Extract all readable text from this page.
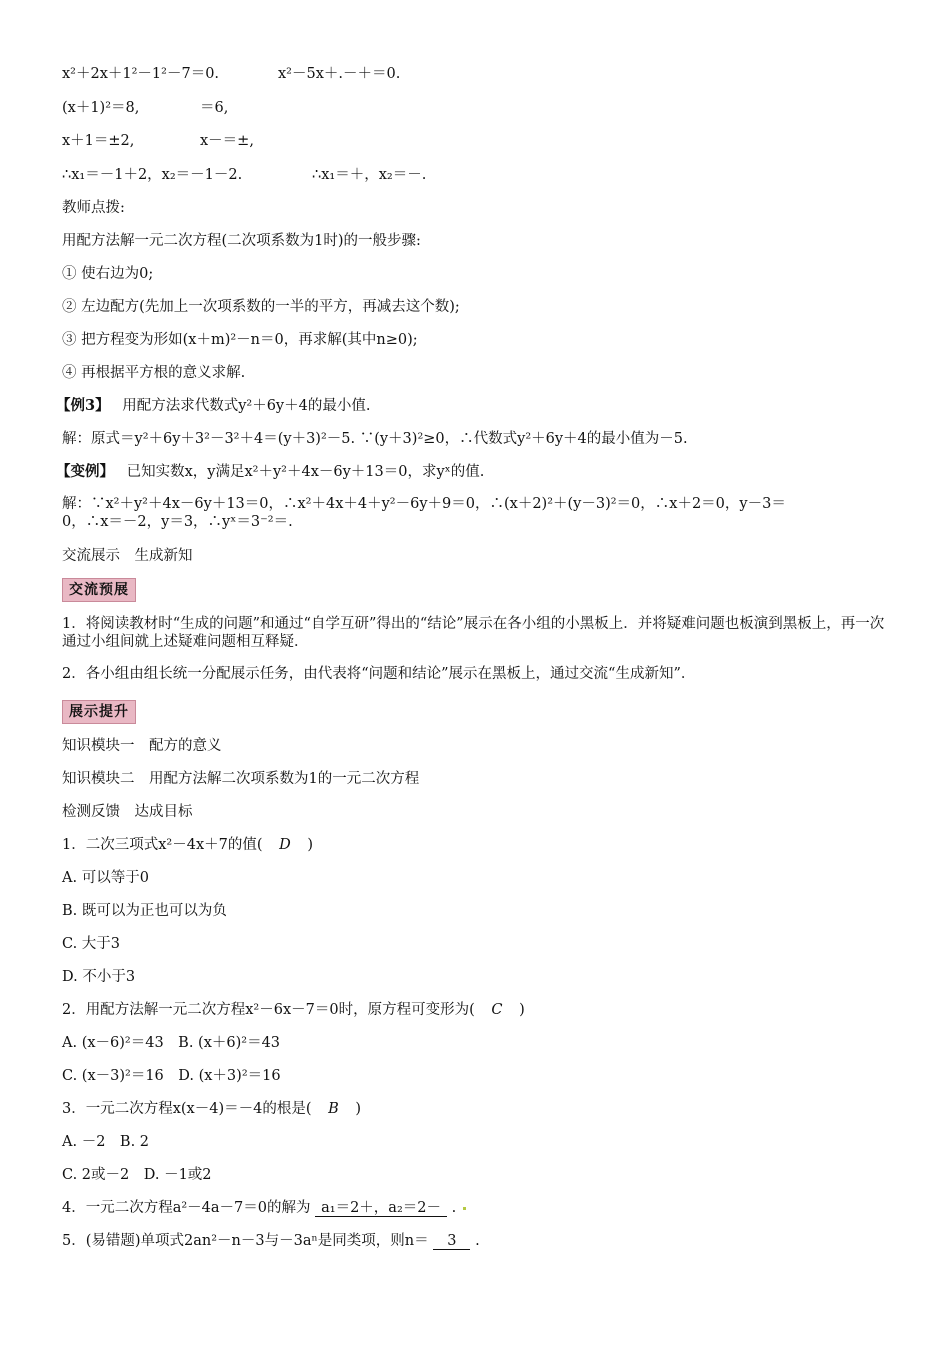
x²＋2x＋1²－1²－7＝0.	x²－5x＋.－＋＝0.
(x＋1)²＝8,	＝6,
x＋1＝±2,	x－＝±,
∴x₁＝－1＋2，x₂＝－1－2.	∴x₁＝＋，x₂＝－.
教师点拨:
用配方法解一元二次方程(二次项系数为1时)的一般步骤:
① 使右边为0;
② 左边配方(先加上一次项系数的一半的平方，再减去这个数);
③ 把方程变为形如(x＋m)²－n＝0，再求解(其中n≥0);
④ 再根据平方根的意义求解.
【例3】 用配方法求代数式y²＋6y＋4的最小值.
解：原式＝y²＋6y＋3²－3²＋4＝(y＋3)²－5. ∵(y＋3)²≥0，∴代数式y²＋6y＋4的最小值为－5.
【变例】 已知实数x，y满足x²＋y²＋4x－6y＋13＝0，求yˣ的值.
解：∵x²＋y²＋4x－6y＋13＝0，∴x²＋4x＋4＋y²－6y＋9＝0，∴(x＋2)²＋(y－3)²＝0，∴x＋2＝0，y－3＝
0，∴x＝－2，y＝3，∴yˣ＝3⁻²＝.
交流展示　生成新知
交流预展
1．将阅读教材时“生成的问题”和通过“自学互研”得出的“结论”展示在各小组的小黑板上．并将疑难问题也板演到黑板上，再一次通过小组间就上述疑难问题相互释疑．
2．各小组由组长统一分配展示任务，由代表将“问题和结论”展示在黑板上，通过交流“生成新知”．
展示提升
知识模块一　配方的意义
知识模块二　用配方法解二次项系数为1的一元二次方程
检测反馈　达成目标
1．二次三项式x²－4x＋7的值( D )
A. 可以等于0
B. 既可以为正也可以为负
C. 大于3
D. 不小于3
2．用配方法解一元二次方程x²－6x－7＝0时，原方程可变形为( C )
A. (x－6)²＝43　B. (x＋6)²＝43
C. (x－3)²＝16　D. (x＋3)²＝16
3．一元二次方程x(x－4)＝－4的根是( B )
A. －2　B. 2
C. 2或－2　D. －1或2
4．一元二次方程a²－4a－7＝0的解为 a₁＝2＋，a₂＝2－ .
5．(易错题)单项式2an²－n－3与－3aⁿ是同类项，则n＝ 3 .
